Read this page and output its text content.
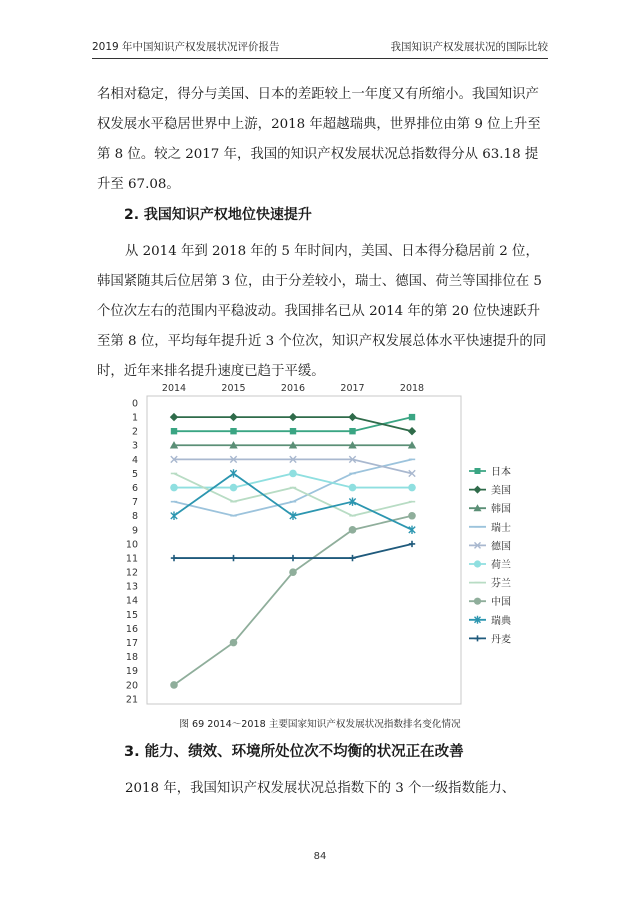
2019 年中国知识产权发展状况评价报告	我国知识产权发展状况的国际比较

名相对稳定，得分与美国、日本的差距较上一年度又有所缩小。我国知识产权发展水平稳居世界中上游，2018 年超越瑞典，世界排位由第 9 位上升至第 8 位。较之 2017 年，我国的知识产权发展状况总指数得分从 63.18 提升至 67.08。

2. 我国知识产权地位快速提升

从 2014 年到 2018 年的 5 年时间内，美国、日本得分稳居前 2 位，韩国紧随其后位居第 3 位，由于分差较小，瑞士、德国、荷兰等国排位在 5 个位次左右的范围内平稳波动。我国排名已从 2014 年的第 20 位快速跃升至第 8 位，平均每年提升近 3 个位次，知识产权发展总体水平快速提升的同时，近年来排名提升速度已趋于平缓。

2014	2015	2016	2017	2018
0
1
2
3
4
5
6
7
8
9
10
11
12
13
14
15
16
17
18
19
20
21
日本
美国
韩国
瑞士
德国
荷兰
芬兰
中国
瑞典
丹麦
图 69 2014～2018 主要国家知识产权发展状况指数排名变化情况

3. 能力、绩效、环境所处位次不均衡的状况正在改善

2018 年，我国知识产权发展状况总指数下的 3 个一级指数能力、

84
